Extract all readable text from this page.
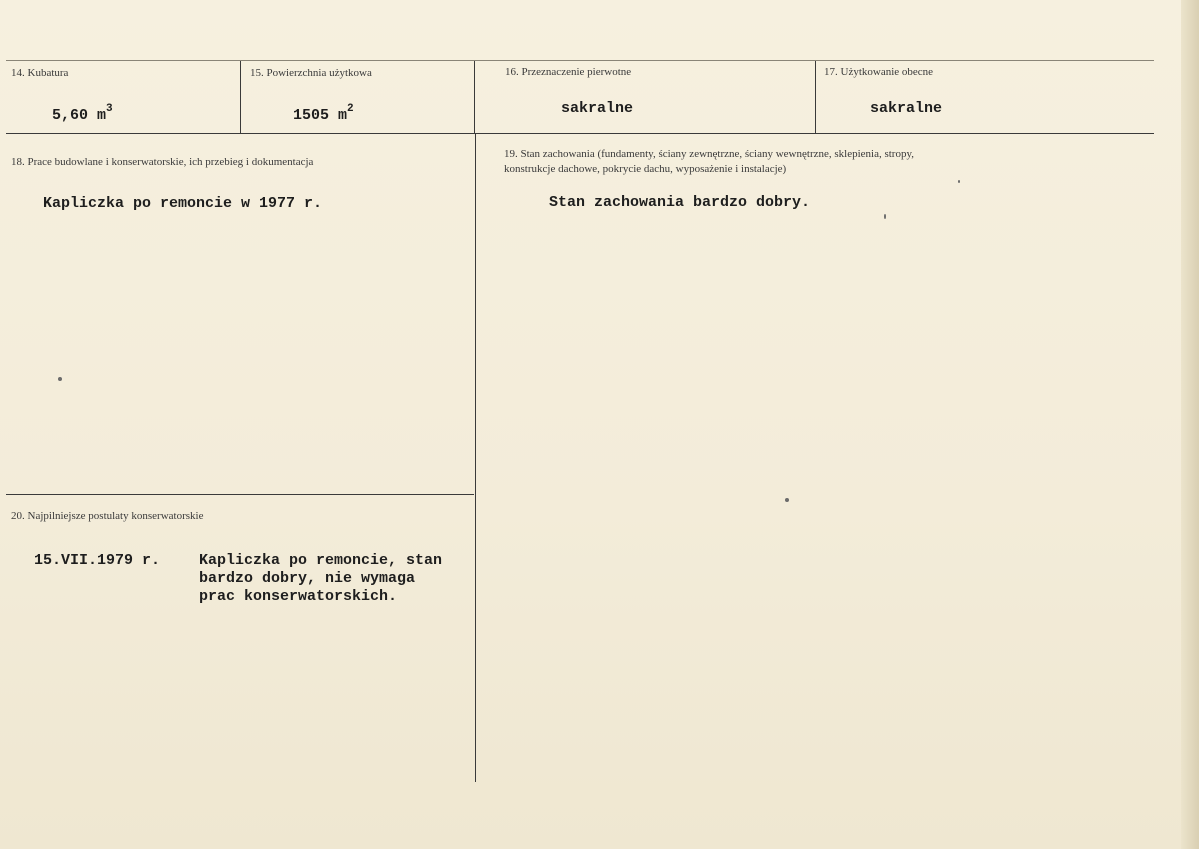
14. Kubatura
5,60 $m^3$
15. Powierzchnia użytkowa
1505 $m^2$
16. Przeznaczenie pierwotne
sakralne
17. Użytkowanie obecne
sakralne
18. Prace budowlane i konserwatorskie, ich przebieg i dokumentacja
Kapliczka po remoncie w 1977 r.
19. Stan zachowania (fundamenty, ściany zewnętrzne, ściany wewnętrzne, sklepienia, stropy,
konstrukcje dachowe, pokrycie dachu, wyposażenie i instalacje)
Stan zachowania bardzo dobry.
20. Najpilniejsze postulaty konserwatorskie
15.VII.1979 r.	Kapliczka po remoncie, stan
bardzo dobry, nie wymaga
prac konserwatorskich.
